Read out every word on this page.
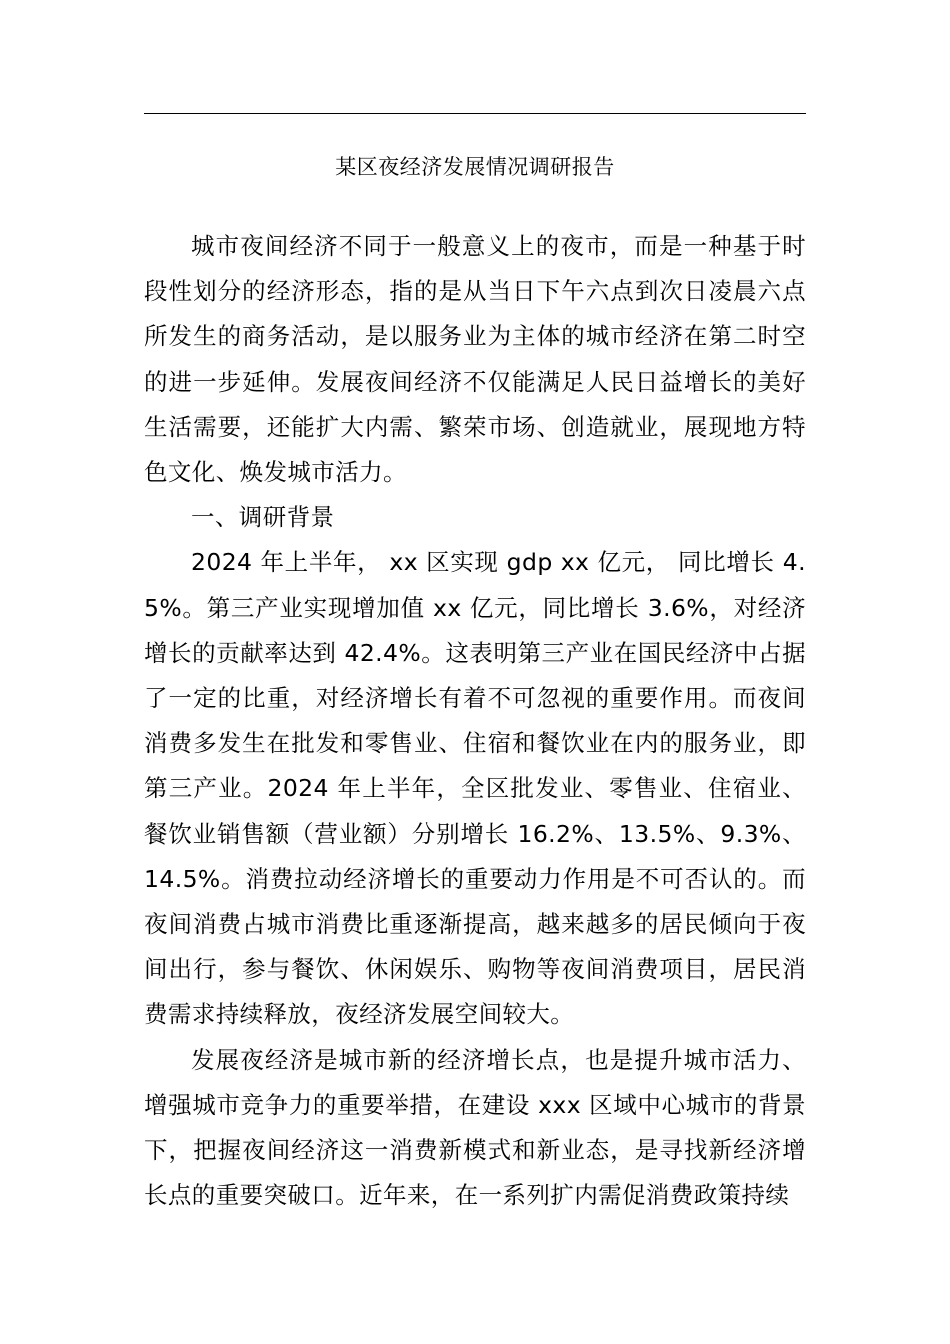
某区夜经济发展情况调研报告

城市夜间经济不同于一般意义上的夜市，而是一种基于时段性划分的经济形态，指的是从当日下午六点到次日凌晨六点所发生的商务活动，是以服务业为主体的城市经济在第二时空的进一步延伸。发展夜间经济不仅能满足人民日益增长的美好生活需要，还能扩大内需、繁荣市场、创造就业，展现地方特色文化、焕发城市活力。

一、调研背景

2024 年上半年， xx 区实现 gdp xx 亿元， 同比增长 4.5%。第三产业实现增加值 xx 亿元，同比增长 3.6%，对经济增长的贡献率达到 42.4%。这表明第三产业在国民经济中占据了一定的比重，对经济增长有着不可忽视的重要作用。而夜间消费多发生在批发和零售业、住宿和餐饮业在内的服务业，即第三产业。2024 年上半年，全区批发业、零售业、住宿业、餐饮业销售额（营业额）分别增长 16.2%、13.5%、9.3%、14.5%。消费拉动经济增长的重要动力作用是不可否认的。而夜间消费占城市消费比重逐渐提高，越来越多的居民倾向于夜间出行，参与餐饮、休闲娱乐、购物等夜间消费项目，居民消费需求持续释放，夜经济发展空间较大。

发展夜经济是城市新的经济增长点，也是提升城市活力、增强城市竞争力的重要举措，在建设 xxx 区域中心城市的背景下，把握夜间经济这一消费新模式和新业态，是寻找新经济增长点的重要突破口。近年来，在一系列扩内需促消费政策持续
